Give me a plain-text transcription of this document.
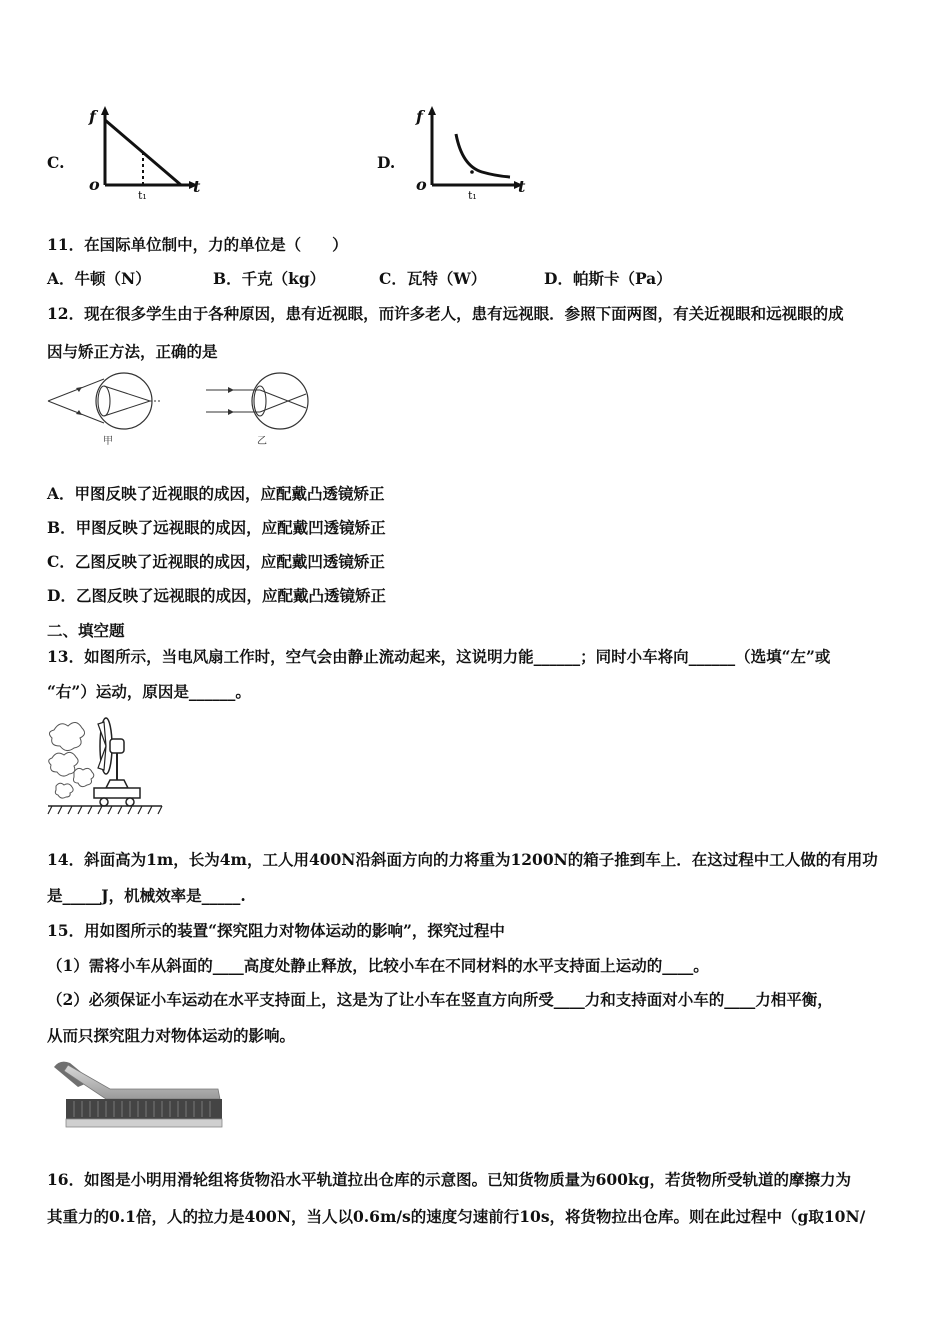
C.
f
o	t
t₁
D.
f
o	t
t₁
11．在国际单位制中，力的单位是（　　）
A．牛顿（N）	B．千克（kg）	C．瓦特（W）	D．帕斯卡（Pa）
12．现在很多学生由于各种原因，患有近视眼，而许多老人，患有远视眼．参照下面两图，有关近视眼和远视眼的成
因与矫正方法，正确的是
甲	乙
A．甲图反映了近视眼的成因，应配戴凸透镜矫正
B．甲图反映了远视眼的成因，应配戴凹透镜矫正
C．乙图反映了近视眼的成因，应配戴凹透镜矫正
D．乙图反映了远视眼的成因，应配戴凸透镜矫正
二、填空题
13．如图所示，当电风扇工作时，空气会由静止流动起来，这说明力能______；同时小车将向______（选填“左”或
“右”）运动，原因是______。
14．斜面高为1m，长为4m，工人用400N沿斜面方向的力将重为1200N的箱子推到车上．在这过程中工人做的有用功
是_____J，机械效率是_____.
15．用如图所示的装置“探究阻力对物体运动的影响”，探究过程中
（1）需将小车从斜面的____高度处静止释放，比较小车在不同材料的水平支持面上运动的____。
（2）必须保证小车运动在水平支持面上，这是为了让小车在竖直方向所受____力和支持面对小车的____力相平衡，
从而只探究阻力对物体运动的影响。
16．如图是小明用滑轮组将货物沿水平轨道拉出仓库的示意图。已知货物质量为600kg，若货物所受轨道的摩擦力为
其重力的0.1倍，人的拉力是400N，当人以0.6m/s的速度匀速前行10s，将货物拉出仓库。则在此过程中（g取10N/
